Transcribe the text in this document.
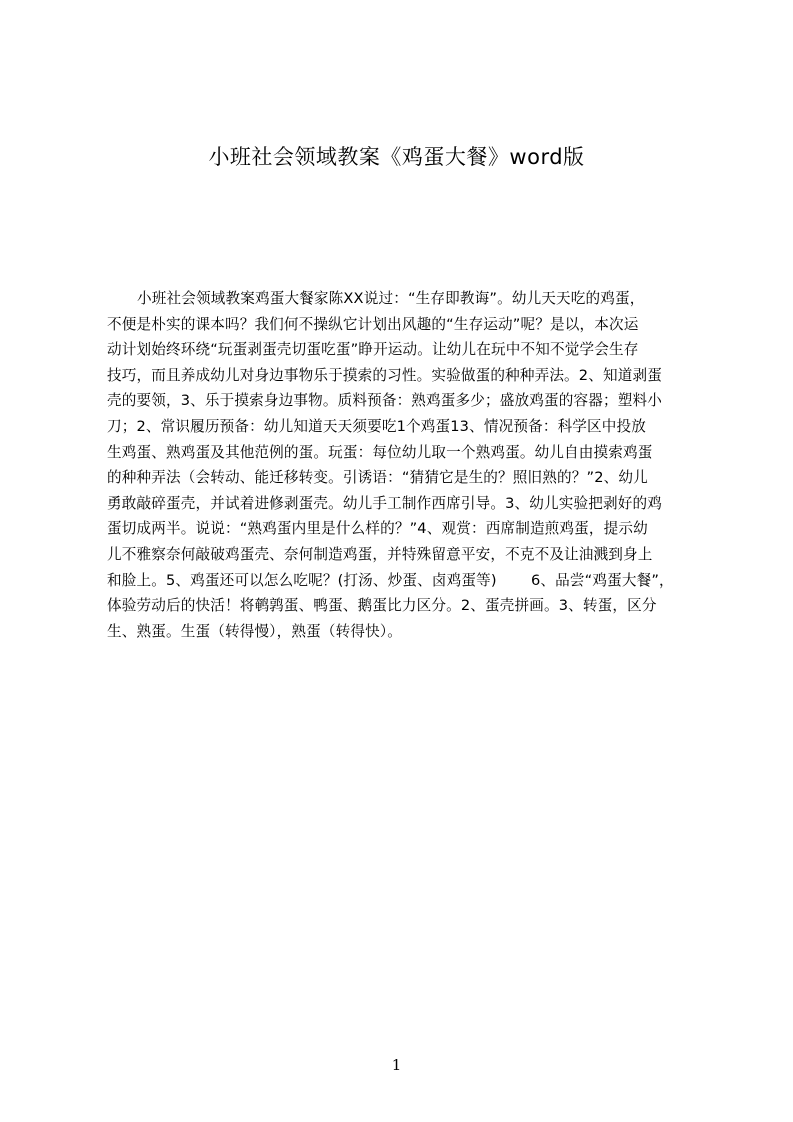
小班社会领域教案《鸡蛋大餐》word版
小班社会领域教案鸡蛋大餐家陈XX说过：“生存即教诲”。幼儿天天吃的鸡蛋，
不便是朴实的课本吗？我们何不操纵它计划出风趣的“生存运动”呢？是以，本次运
动计划始终环绕“玩蛋剥蛋壳切蛋吃蛋”睁开运动。让幼儿在玩中不知不觉学会生存
技巧，而且养成幼儿对身边事物乐于摸索的习性。实验做蛋的种种弄法。2、知道剥蛋
壳的要领，3、乐于摸索身边事物。质料预备：熟鸡蛋多少；盛放鸡蛋的容器；塑料小
刀；2、常识履历预备：幼儿知道天天须要吃1个鸡蛋13、情况预备：科学区中投放
生鸡蛋、熟鸡蛋及其他范例的蛋。玩蛋：每位幼儿取一个熟鸡蛋。幼儿自由摸索鸡蛋
的种种弄法（会转动、能迁移转变。引诱语：“猜猜它是生的？照旧熟的？”2、幼儿
勇敢敲碎蛋壳，并试着进修剥蛋壳。幼儿手工制作西席引导。3、幼儿实验把剥好的鸡
蛋切成两半。说说：“熟鸡蛋内里是什么样的？”4、观赏：西席制造煎鸡蛋，提示幼
儿不雅察奈何敲破鸡蛋壳、奈何制造鸡蛋，并特殊留意平安，不克不及让油溅到身上
和脸上。5、鸡蛋还可以怎么吃呢？(打汤、炒蛋、卤鸡蛋等)　　 6、品尝“鸡蛋大餐”，
体验劳动后的快活！将鹌鹑蛋、鸭蛋、鹅蛋比力区分。2、蛋壳拼画。3、转蛋，区分
生、熟蛋。生蛋（转得慢），熟蛋（转得快）。
1
